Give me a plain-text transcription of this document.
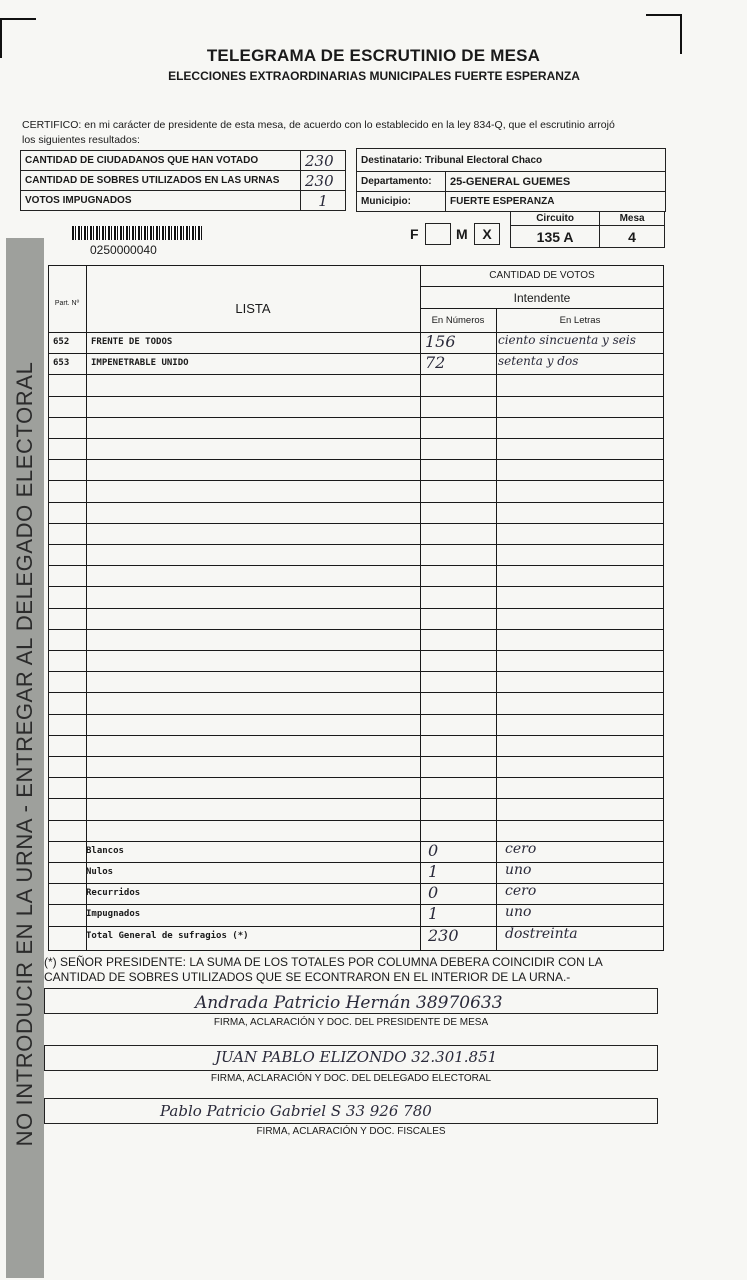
TELEGRAMA DE ESCRUTINIO DE MESA
ELECCIONES EXTRAORDINARIAS MUNICIPALES FUERTE ESPERANZA
CERTIFICO: en mi carácter de presidente de esta mesa, de acuerdo con lo establecido en la ley 834-Q, que el escrutinio arrojó los siguientes resultados:
CANTIDAD DE CIUDADANOS QUE HAN VOTADO	230
CANTIDAD DE SOBRES UTILIZADOS EN LAS URNAS	230
VOTOS IMPUGNADOS	1
Destinatario: Tribunal Electoral Chaco	
Departamento:	25-GENERAL GUEMES
Municipio:	FUERTE ESPERANZA
0250000040
F	M	X
Circuito	Mesa
135 A	4
NO INTRODUCIR EN LA URNA - ENTREGAR AL DELEGADO ELECTORAL
Part. Nº	LISTA
CANTIDAD DE VOTOS
Intendente
En Números	En Letras
652 FRENTE DE TODOS	156	ciento sincuenta y seis
653 IMPENETRABLE UNIDO	72	setenta y dos
Blancos	0	cero
Nulos	1	uno
Recurridos	0	cero
Impugnados	1	uno
Total General de sufragios (*)	230	dostreinta
(*) SEÑOR PRESIDENTE: LA SUMA DE LOS TOTALES POR COLUMNA DEBERA COINCIDIR CON LA CANTIDAD DE SOBRES UTILIZADOS QUE SE ECONTRARON EN EL INTERIOR DE LA URNA.-
Andrada Patricio Hernán 38970633
FIRMA, ACLARACIÓN Y DOC. DEL PRESIDENTE DE MESA
JUAN PABLO ELIZONDO 32.301.851
FIRMA, ACLARACIÓN Y DOC. DEL DELEGADO ELECTORAL
Pablo Patricio Gabriel S 33 926 780
FIRMA, ACLARACIÓN Y DOC. FISCALES
